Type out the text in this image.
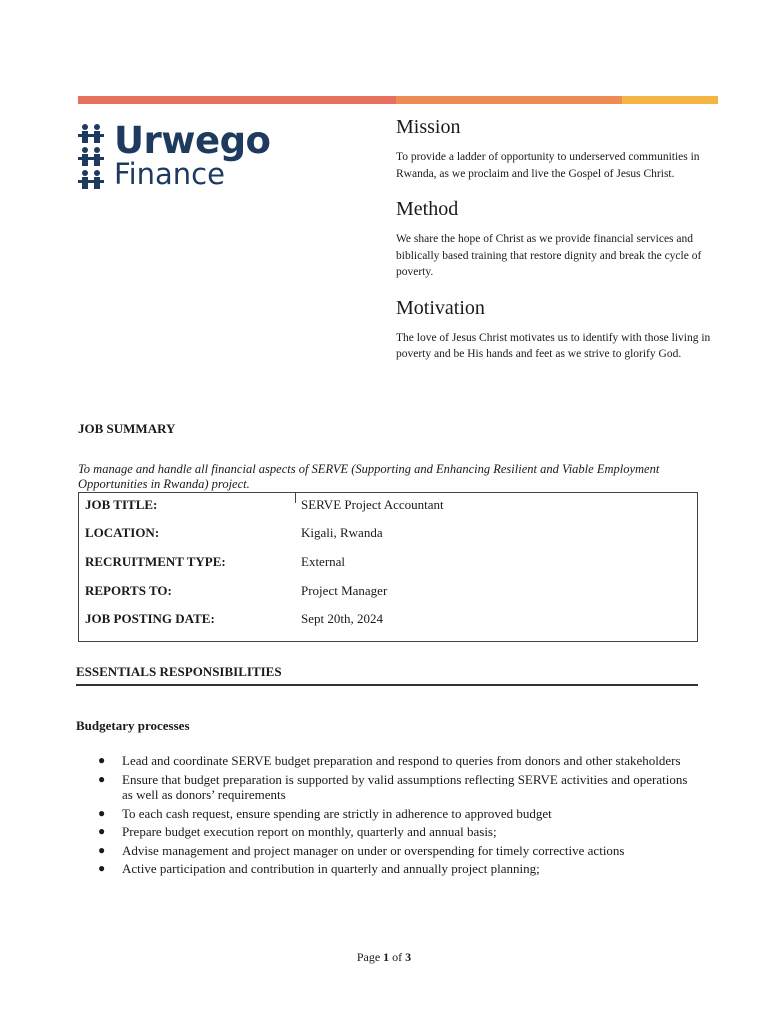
Urwego
Finance
Mission

To provide a ladder of opportunity to underserved communities in Rwanda, as we proclaim and live the Gospel of Jesus Christ.

Method

We share the hope of Christ as we provide financial services and biblically based training that restore dignity and break the cycle of poverty.

Motivation

The love of Jesus Christ motivates us to identify with those living in poverty and be His hands and feet as we strive to glorify God.

JOB SUMMARY
To manage and handle all financial aspects of SERVE (Supporting and Enhancing Resilient and Viable Employment Opportunities in Rwanda) project.
JOB TITLE:	SERVE Project Accountant
LOCATION:	Kigali, Rwanda
RECRUITMENT TYPE:	External
REPORTS TO:	Project Manager
JOB POSTING DATE:	Sept 20th, 2024
ESSENTIALS RESPONSIBILITIES
Budgetary processes
● Lead and coordinate SERVE budget preparation and respond to queries from donors and other stakeholders
● Ensure that budget preparation is supported by valid assumptions reflecting SERVE activities and operations as well as donors’ requirements
● To each cash request, ensure spending are strictly in adherence to approved budget
● Prepare budget execution report on monthly, quarterly and annual basis;
● Advise management and project manager on under or overspending for timely corrective actions
● Active participation and contribution in quarterly and annually project planning;
Page 1 of 3
